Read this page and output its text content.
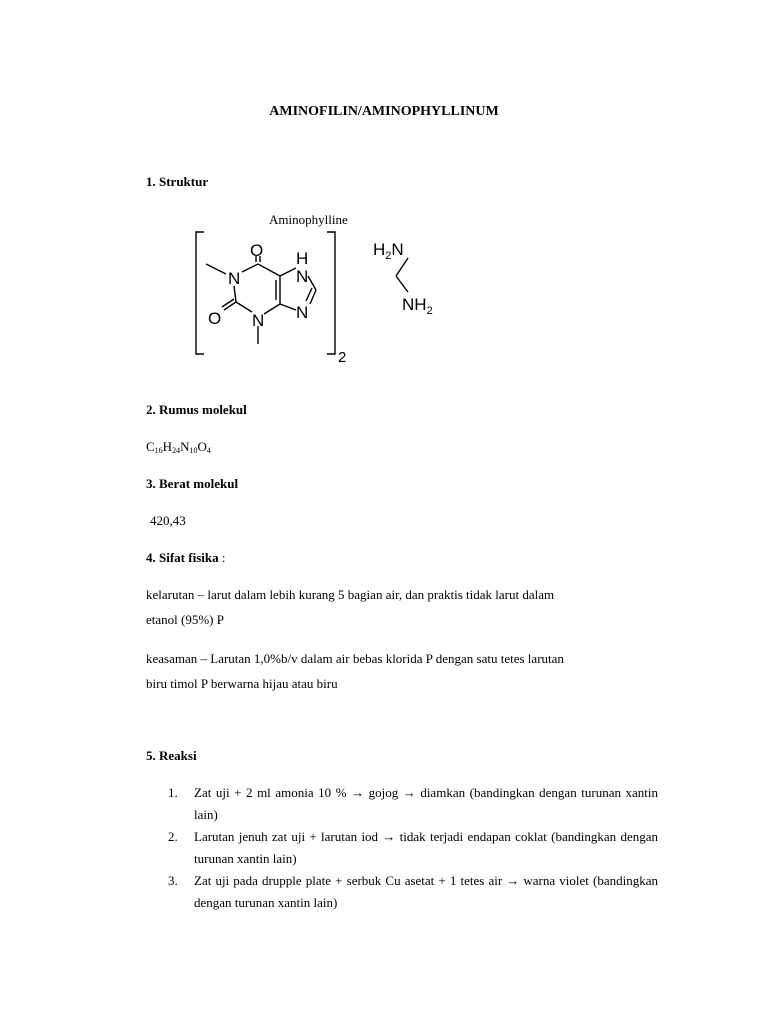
AMINOFILIN/AMINOPHYLLINUM
1. Struktur
Aminophylline
2
O
N
H
N
O N N
$H_2N$
$NH_2$
2. Rumus molekul
$C_{16}H_{24}N_{10}O_4$
3. Berat molekul
420,43
4. Sifat fisika :
kelarutan – larut dalam lebih kurang 5 bagian air, dan praktis tidak larut dalam
etanol (95%) P
keasaman – Larutan 1,0%b/v dalam air bebas klorida P dengan satu tetes larutan
biru timol P berwarna hijau atau biru
5. Reaksi
1. Zat uji + 2 ml amonia 10 % → gojog → diamkan (bandingkan dengan turunan xantin lain)
2. Larutan jenuh zat uji + larutan iod → tidak terjadi endapan coklat (bandingkan dengan turunan xantin lain)
3. Zat uji pada drupple plate + serbuk Cu asetat + 1 tetes air → warna violet (bandingkan dengan turunan xantin lain)
